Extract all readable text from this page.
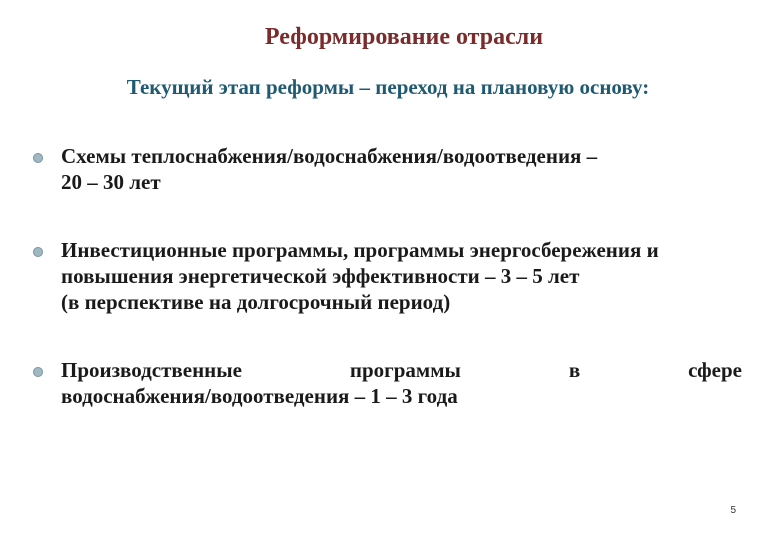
Реформирование отрасли
Текущий этап реформы – переход на плановую основу:
Схемы теплоснабжения/водоснабжения/водоотведения –
20 – 30 лет
Инвестиционные программы, программы энергосбережения и
повышения энергетической эффективности – 3 – 5 лет
(в перспективе на долгосрочный период)
Производственные	программы	в	сфере
водоснабжения/водоотведения – 1 – 3 года
5
